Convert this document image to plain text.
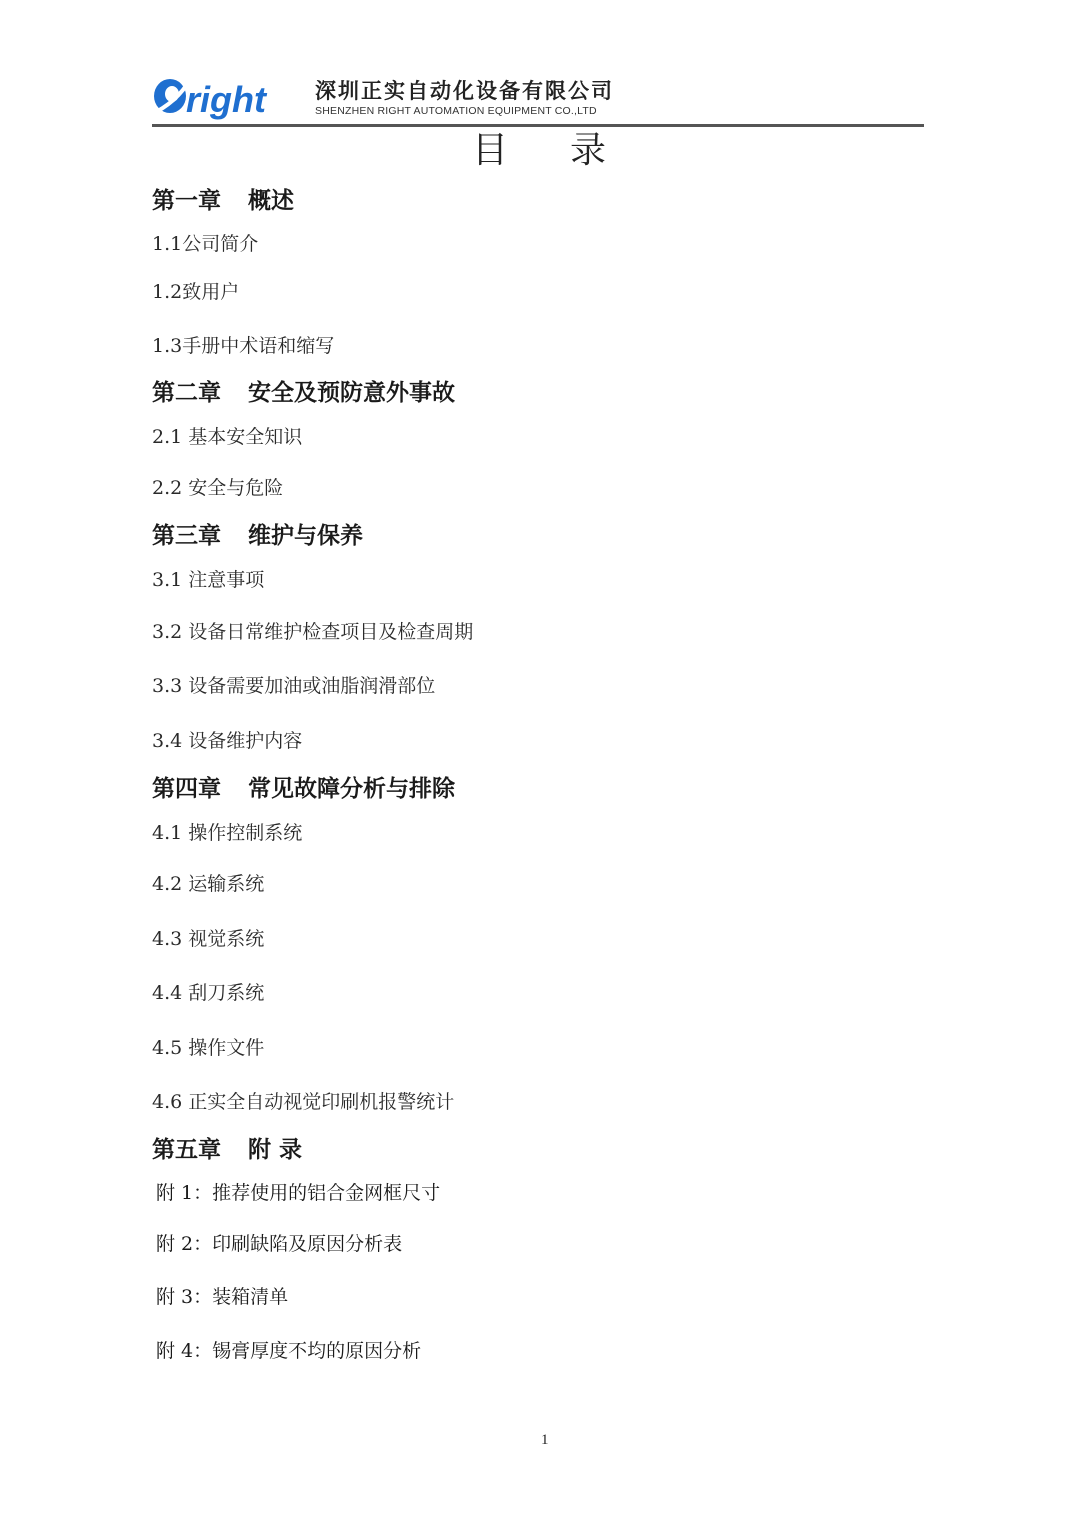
right 深圳正实自动化设备有限公司
SHENZHEN RIGHT AUTOMATION EQUIPMENT CO.,LTD
目录
第一章 概述
1.1公司简介
1.2致用户
1.3手册中术语和缩写
第二章 安全及预防意外事故
2.1 基本安全知识
2.2 安全与危险
第三章 维护与保养
3.1 注意事项
3.2 设备日常维护检查项目及检查周期
3.3 设备需要加油或油脂润滑部位
3.4 设备维护内容
第四章 常见故障分析与排除
4.1 操作控制系统
4.2 运输系统
4.3 视觉系统
4.4 刮刀系统
4.5 操作文件
4.6 正实全自动视觉印刷机报警统计
第五章 附 录
附 1：推荐使用的铝合金网框尺寸
附 2：印刷缺陷及原因分析表
附 3：装箱清单
附 4：锡膏厚度不均的原因分析
1
